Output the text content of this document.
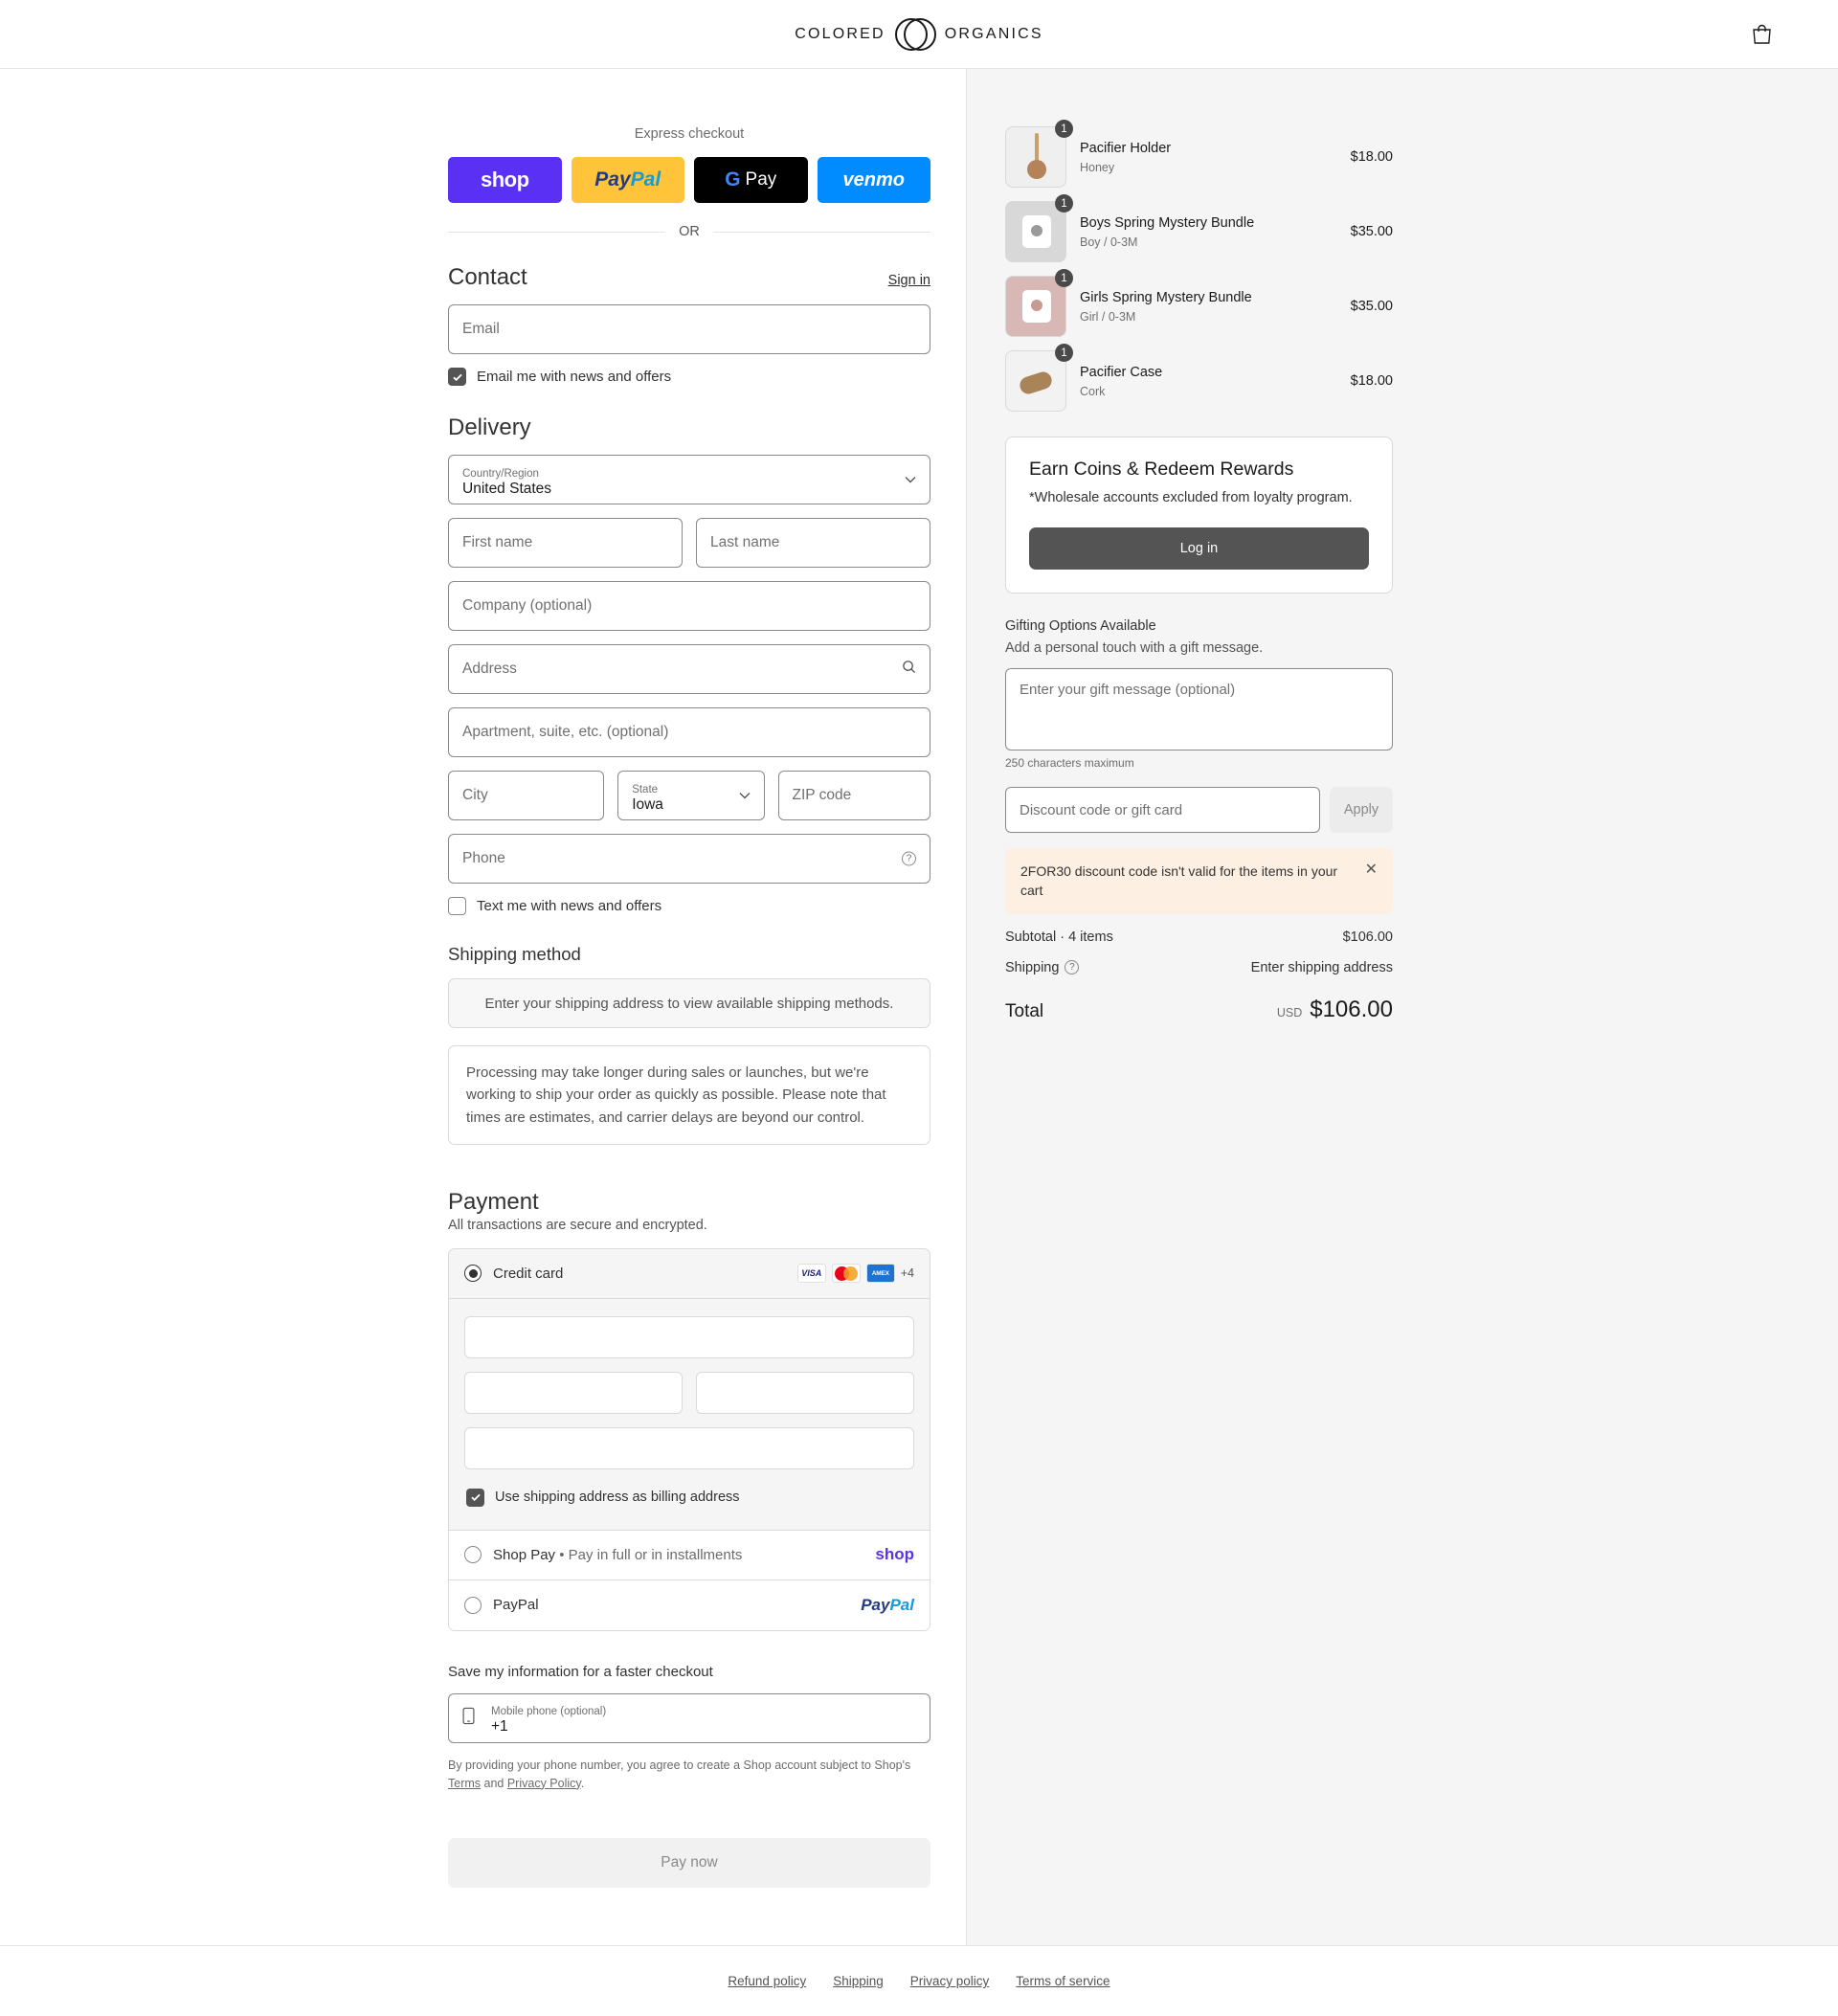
COLORED	ORGANICS
Express checkout
shop	PayPal	G Pay	venmo
OR
Contact	Sign in
Email
Email me with news and offers
Delivery
Country/Region
United States
First name	Last name
Company (optional)
Address
Apartment, suite, etc. (optional)
City	State
Iowa
ZIP code
Phone	?
Text me with news and offers
Shipping method
Enter your shipping address to view available shipping methods.
Processing may take longer during sales or launches, but we're working to ship your order as quickly as possible. Please note that times are estimates, and carrier delays are beyond our control.
Payment
All transactions are secure and encrypted.
Credit card	VISA	AMEX +4
Use shipping address as billing address
Shop Pay • Pay in full or in installments	shop
PayPal	PayPal
Save my information for a faster checkout
Mobile phone (optional)
+1
By providing your phone number, you agree to create a Shop account subject to Shop's Terms and Privacy Policy.
Pay now
1
Pacifier Holder
Honey
$18.00
1
Boys Spring Mystery Bundle
Boy / 0-3M
$35.00
1
Girls Spring Mystery Bundle
Girl / 0-3M
$35.00
1
Pacifier Case
Cork
$18.00
Earn Coins & Redeem Rewards
*Wholesale accounts excluded from loyalty program.
Log in
Gifting Options Available
Add a personal touch with a gift message.
Enter your gift message (optional)
250 characters maximum
Discount code or gift card	Apply
2FOR30 discount code isn't valid for the items in your cart
✕
Subtotal · 4 items	$106.00
Shipping	?	Enter shipping address
Total	USD $106.00
Refund policy Shipping Privacy policy Terms of service
